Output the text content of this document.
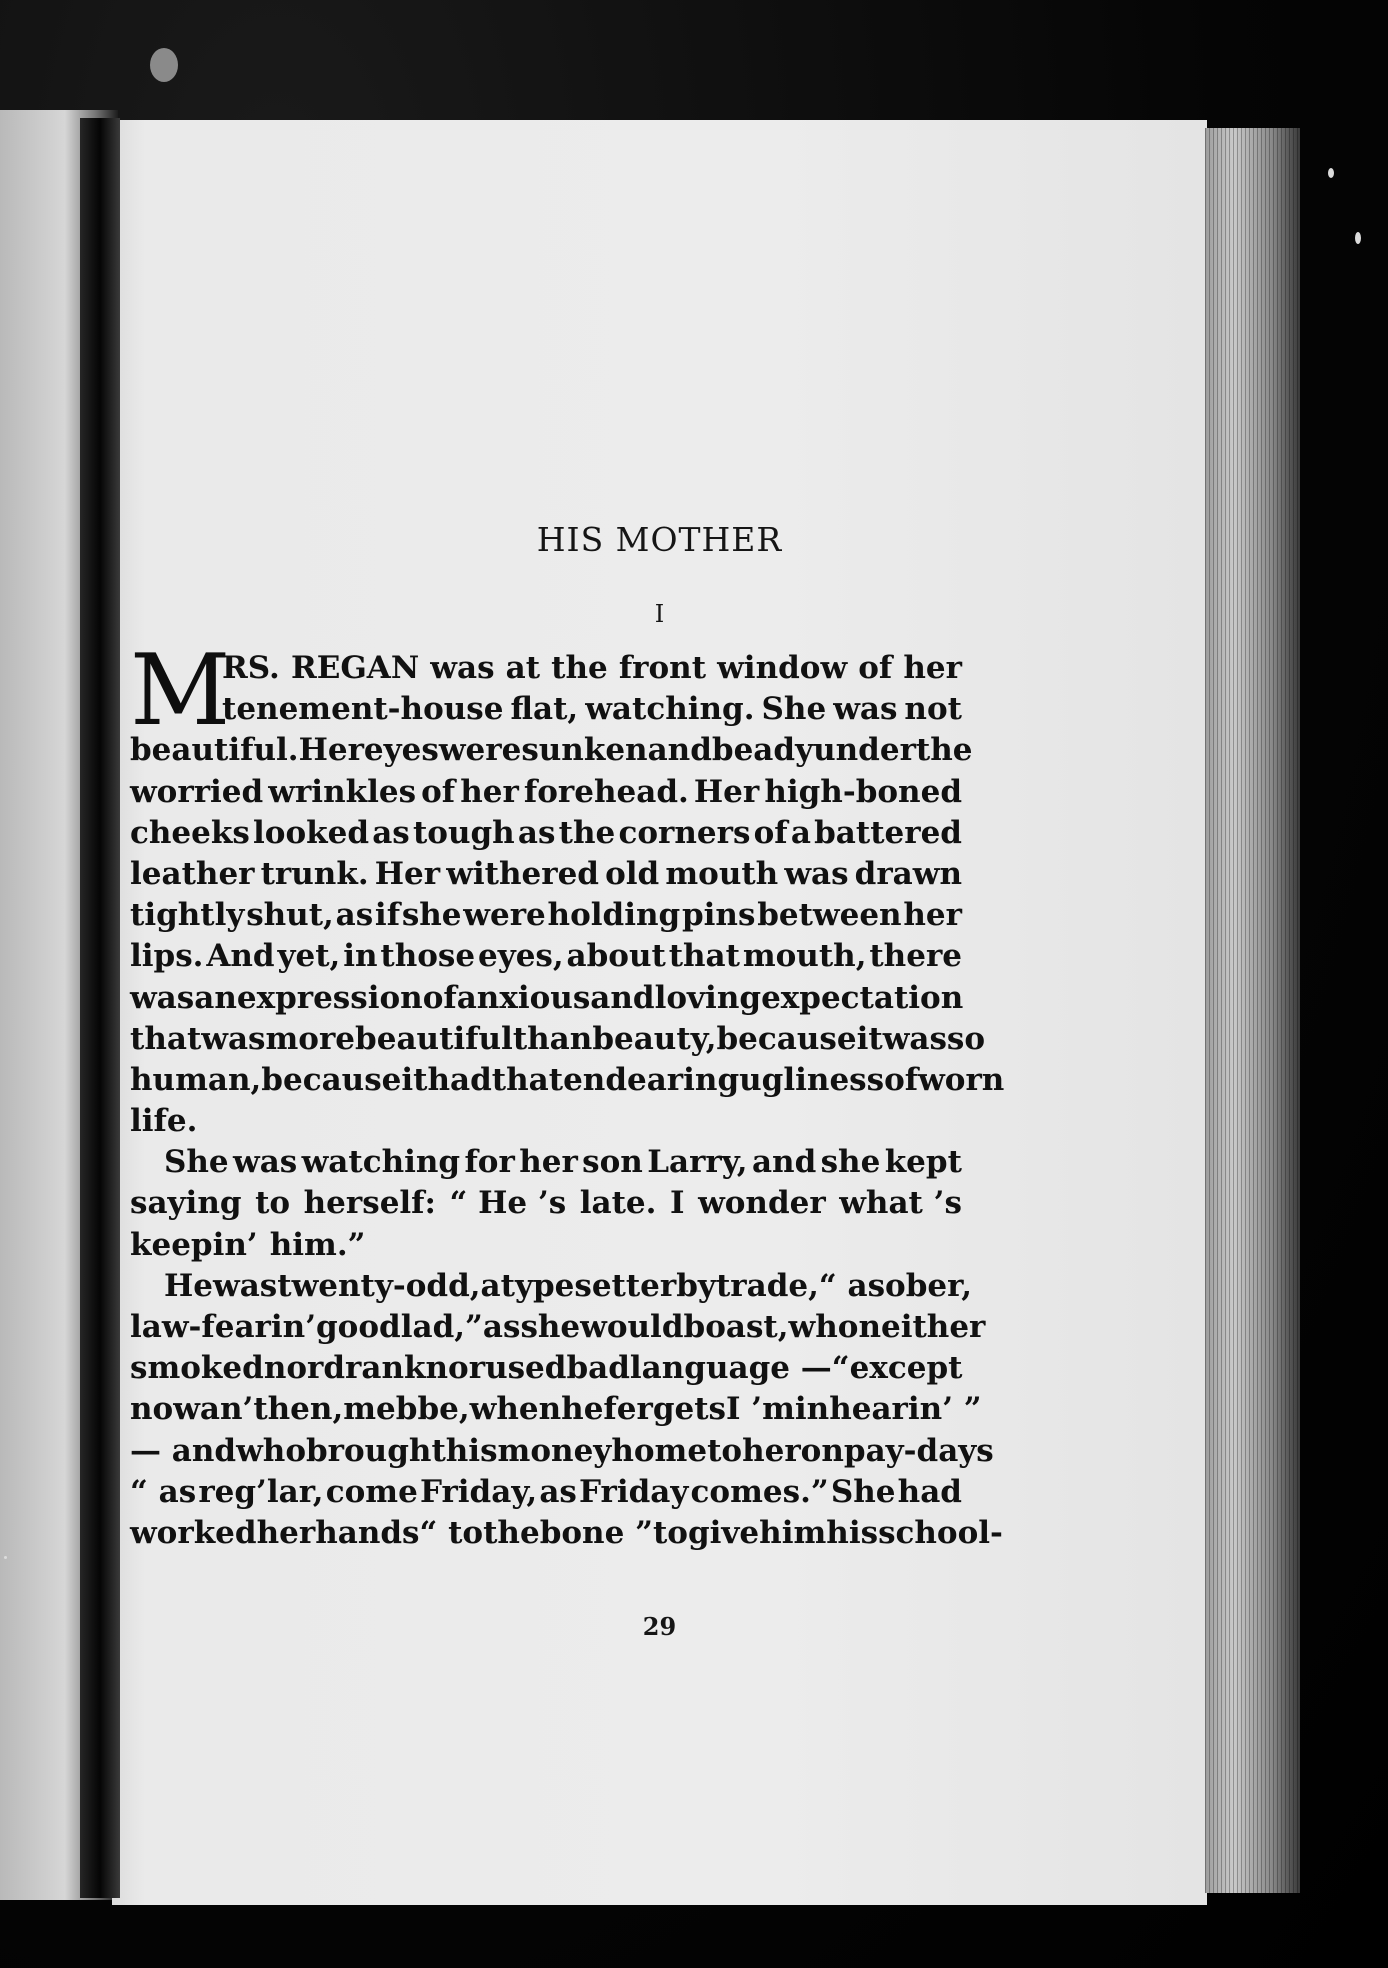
HIS MOTHER
I
M
RS. REGAN was at the front window of her
tenement-house flat, watching. She was not
beautiful. Her eyes were sunken and beady under the
worried wrinkles of her forehead. Her high-boned
cheeks looked as tough as the corners of a battered
leather trunk. Her withered old mouth was drawn
tightly shut, as if she were holding pins between her
lips. And yet, in those eyes, about that mouth, there
was an expression of anxious and loving expectation
that was more beautiful than beauty, because it was so
human, because it had that endearing ugliness of worn
life.
She was watching for her son Larry, and she kept
saying to herself: “ He ’s late. I wonder what ’s
keepin’ him.”
He was twenty-odd, a typesetter by trade, “ a sober,
law-fearin’ good lad,” as she would boast, who neither
smoked nor drank nor used bad language —“ except
now an’ then, mebbe, when he fergets I ’m in hearin’ ”
— and who brought his money home to her on pay-days
“ as reg’lar, come Friday, as Friday comes.” She had
worked her hands “ to the bone ” to give him his school-
29
